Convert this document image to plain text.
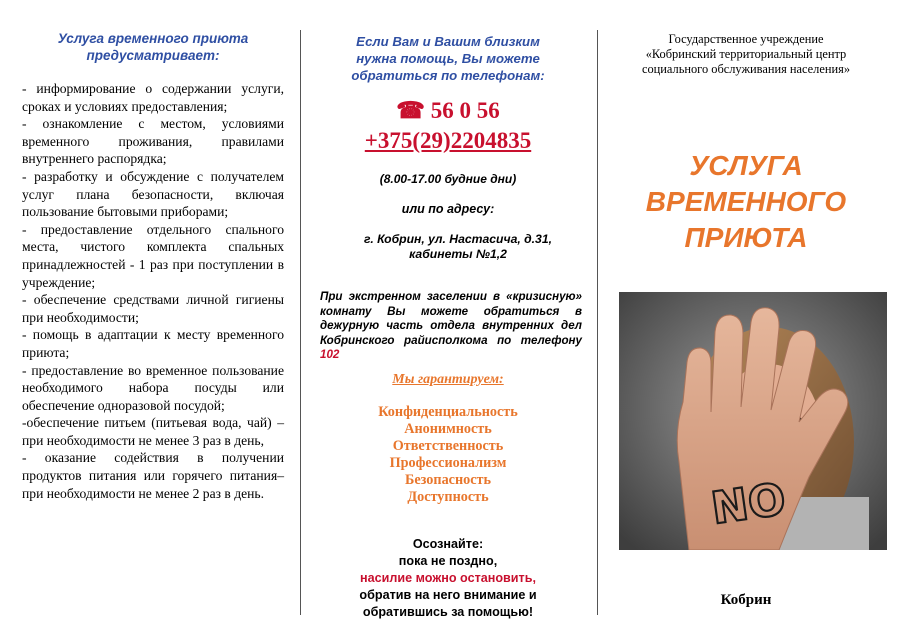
Услуга временного приюта
предусматривает:

- информирование о содержании услуги, сроках и условиях предоставления;

- ознакомление с местом, условиями временного проживания, правилами внутреннего распорядка;

- разработку и обсуждение с получателем услуг плана безопасности, включая пользование бытовыми приборами;

- предоставление отдельного спального места, чистого комплекта спальных принадлежностей - 1 раз при поступлении в учреждение;

- обеспечение средствами личной гигиены при необходимости;

- помощь в адаптации к месту временного приюта;

- предоставление во временное пользование необходимого набора посуды или обеспечение одноразовой посудой;

-обеспечение питьем (питьевая вода, чай) – при необходимости не менее 3 раз в день,

- оказание содействия в получении продуктов питания или горячего питания– при необходимости не менее 2 раз в день.

Если Вам и Вашим близким
нужна помощь, Вы можете
обратиться по телефонам:
☎ 56 0 56
+375(29)2204835
(8.00-17.00 будние дни)
или по адресу:
г. Кобрин, ул. Настасича, д.31,
кабинеты №1,2
При экстренном заселении в «кризисную» комнату Вы можете обратиться в дежурную часть отдела внутренних дел Кобринского райисполкома по телефону 102
Мы гарантируем:
Конфиденциальность
Анонимность
Ответственность
Профессионализм
Безопасность
Доступность
Осознайте:
пока не поздно,
насилие можно остановить,
обратив на него внимание и
обратившись за помощью!
Государственное учреждение
«Кобринский территориальный центр
социального обслуживания населения»
УСЛУГА
ВРЕМЕННОГО
ПРИЮТА
NO
Кобрин
